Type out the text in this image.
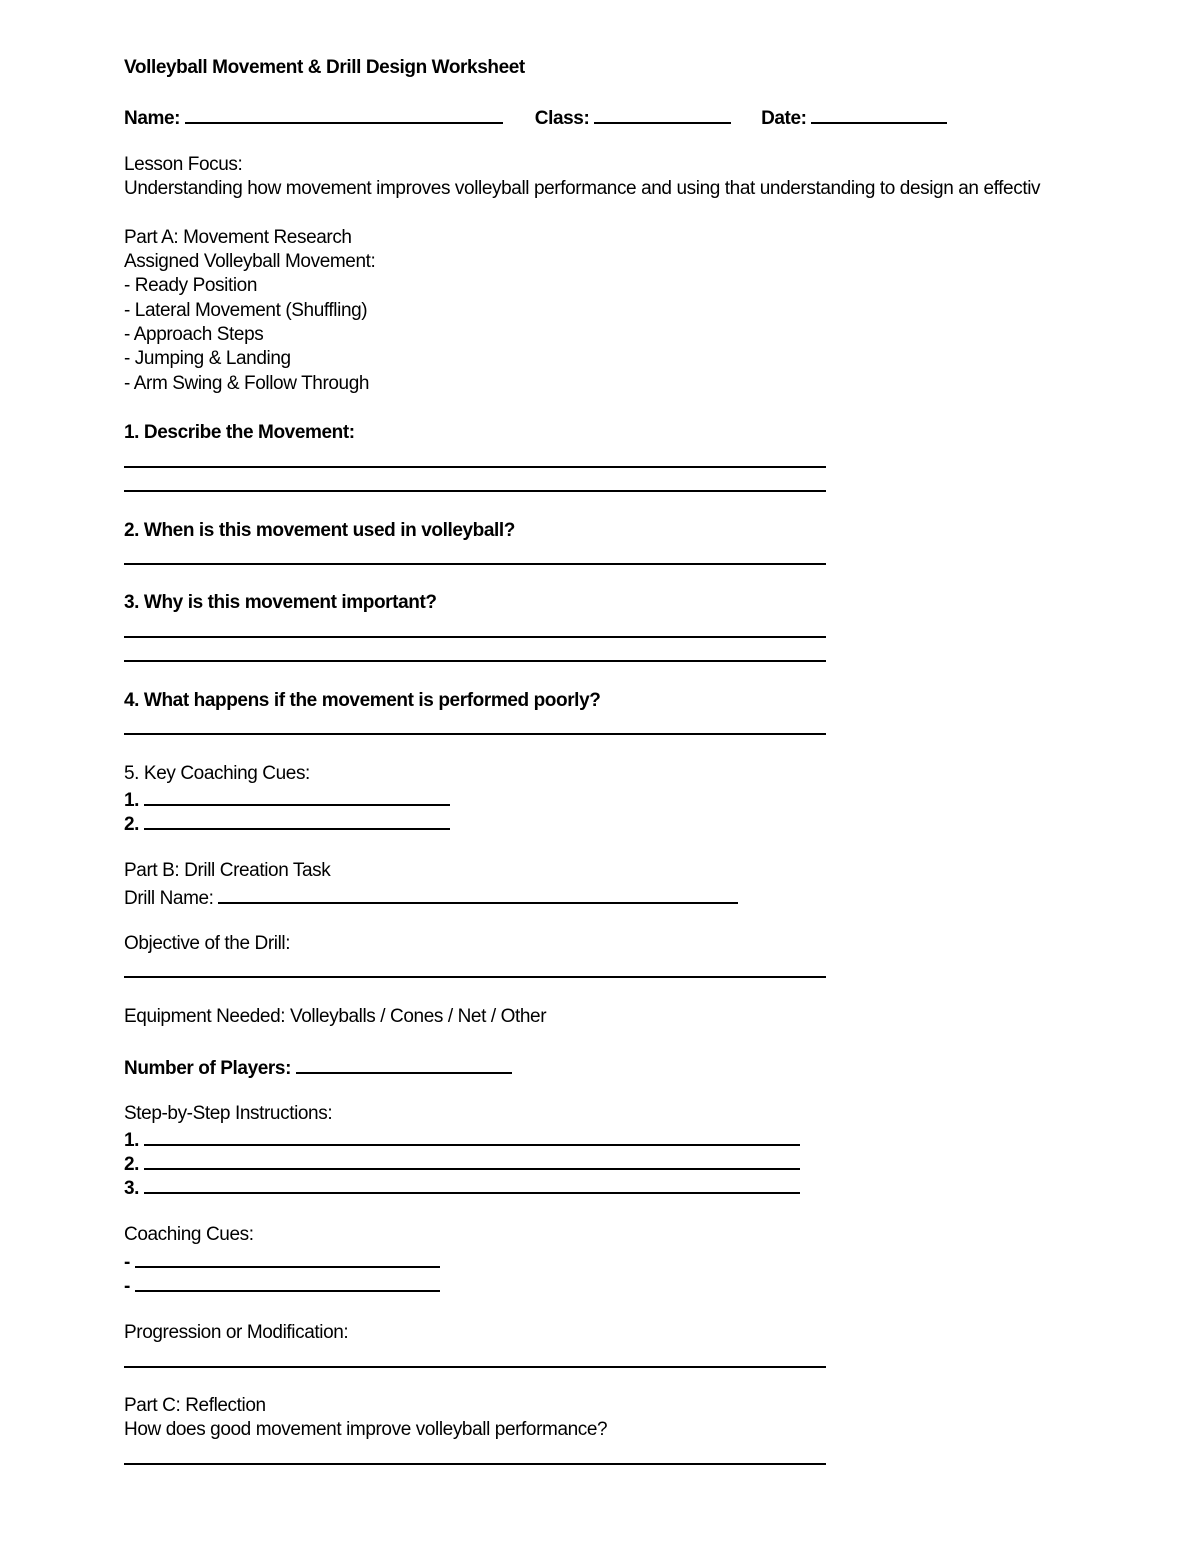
Volleyball Movement & Drill Design Worksheet
Name:	Class:	Date:
Lesson Focus:
Understanding how movement improves volleyball performance and using that understanding to design an effectiv
Part A: Movement Research
Assigned Volleyball Movement:
- Ready Position
- Lateral Movement (Shuffling)
- Approach Steps
- Jumping & Landing
- Arm Swing & Follow Through
1. Describe the Movement:
2. When is this movement used in volleyball?
3. Why is this movement important?
4. What happens if the movement is performed poorly?
5. Key Coaching Cues:
1.
2.
Part B: Drill Creation Task
Drill Name:
Objective of the Drill:
Equipment Needed: Volleyballs / Cones / Net / Other
Number of Players:
Step-by-Step Instructions:
1.
2.
3.
Coaching Cues:
-
-
Progression or Modification:
Part C: Reflection
How does good movement improve volleyball performance?
